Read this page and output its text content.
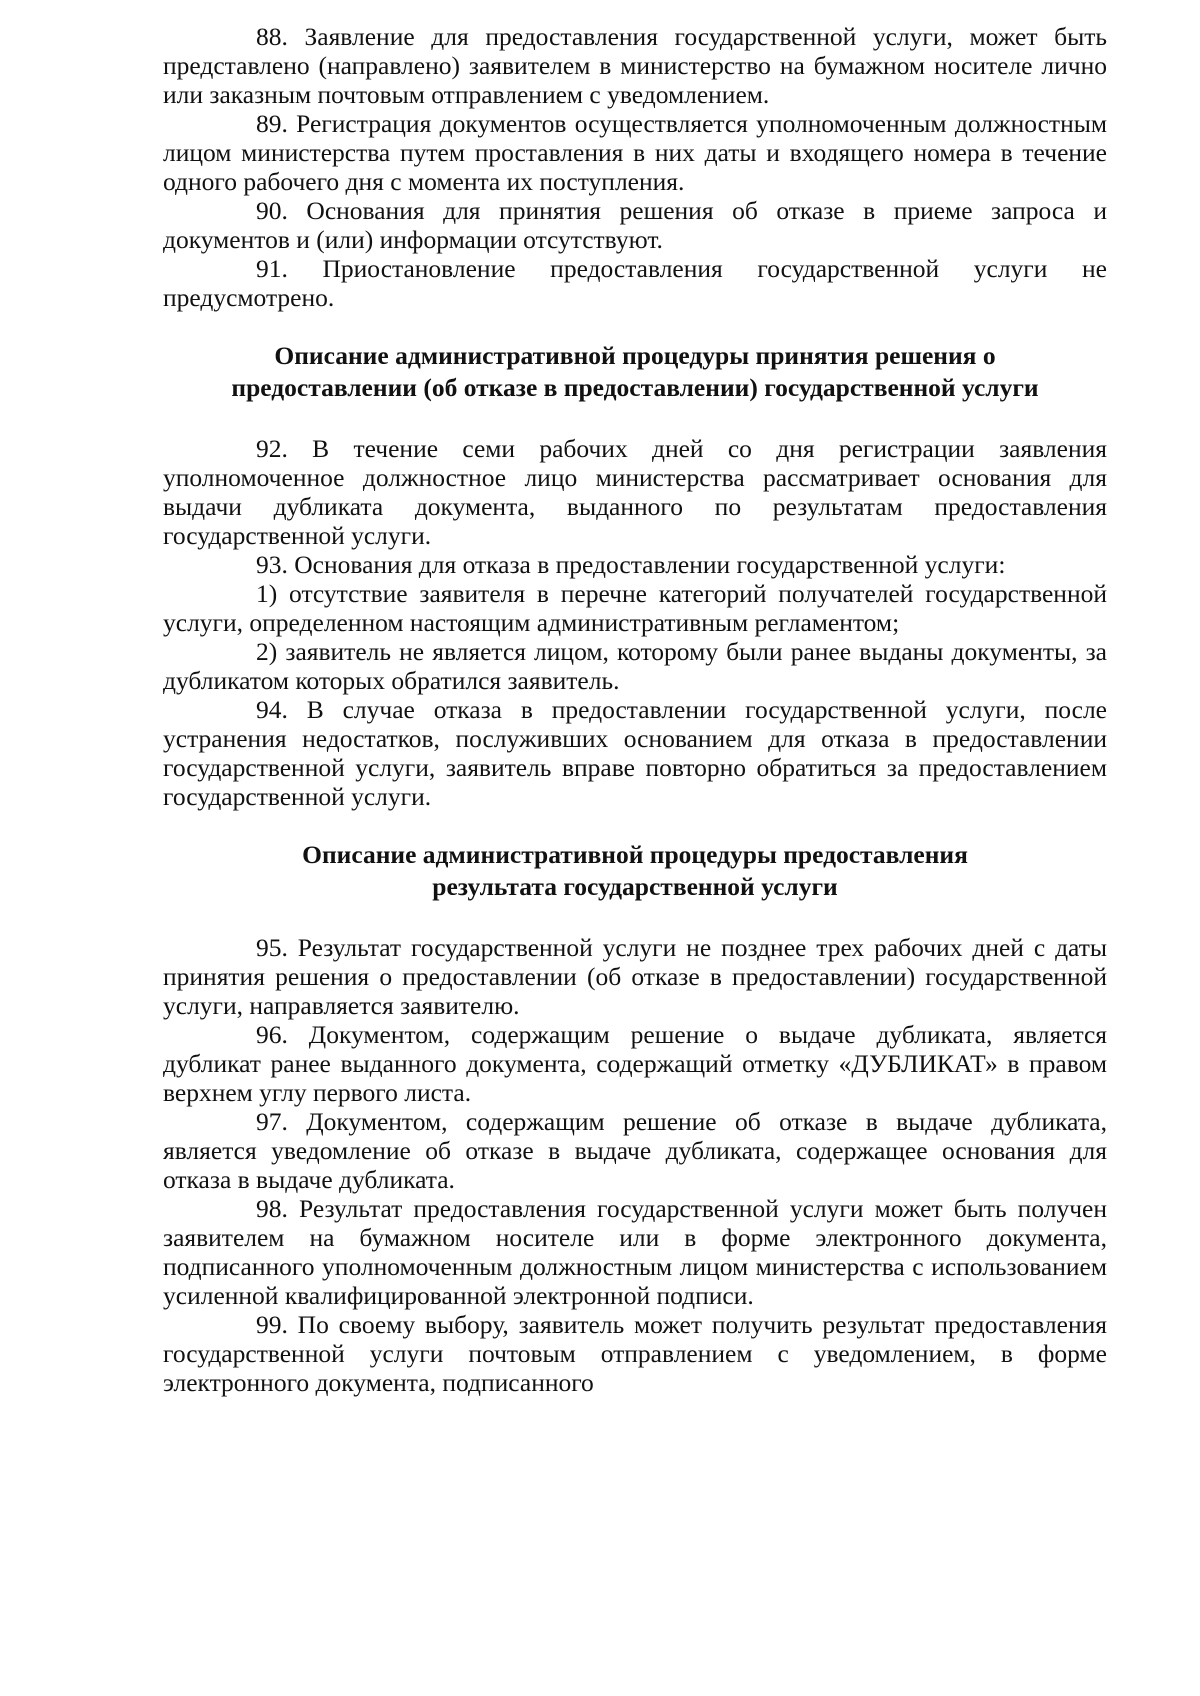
88. Заявление для предоставления государственной услуги, может быть представлено (направлено) заявителем в министерство на бумажном носителе лично или заказным почтовым отправлением с уведомлением.

89. Регистрация документов осуществляется уполномоченным должностным лицом министерства путем проставления в них даты и входящего номера в течение одного рабочего дня с момента их поступления.

90. Основания для принятия решения об отказе в приеме запроса и документов и (или) информации отсутствуют.

91. Приостановление предоставления государственной услуги не предусмотрено.

Описание административной процедуры принятия решения о
предоставлении (об отказе в предоставлении) государственной услуги

92. В течение семи рабочих дней со дня регистрации заявления уполномоченное должностное лицо министерства рассматривает основания для выдачи дубликата документа, выданного по результатам предоставления государственной услуги.

93. Основания для отказа в предоставлении государственной услуги:

1) отсутствие заявителя в перечне категорий получателей государственной услуги, определенном настоящим административным регламентом;

2) заявитель не является лицом, которому были ранее выданы документы, за дубликатом которых обратился заявитель.

94. В случае отказа в предоставлении государственной услуги, после устранения недостатков, послуживших основанием для отказа в предоставлении государственной услуги, заявитель вправе повторно обратиться за предоставлением государственной услуги.

Описание административной процедуры предоставления
результата государственной услуги

95. Результат государственной услуги не позднее трех рабочих дней с даты принятия решения о предоставлении (об отказе в предоставлении) государственной услуги, направляется заявителю.

96. Документом, содержащим решение о выдаче дубликата, является дубликат ранее выданного документа, содержащий отметку «ДУБЛИКАТ» в правом верхнем углу первого листа.

97. Документом, содержащим решение об отказе в выдаче дубликата, является уведомление об отказе в выдаче дубликата, содержащее основания для отказа в выдаче дубликата.

98. Результат предоставления государственной услуги может быть получен заявителем на бумажном носителе или в форме электронного документа, подписанного уполномоченным должностным лицом министерства с использованием усиленной квалифицированной электронной подписи.

99. По своему выбору, заявитель может получить результат предоставления государственной услуги почтовым отправлением с уведомлением, в форме электронного документа, подписанного
